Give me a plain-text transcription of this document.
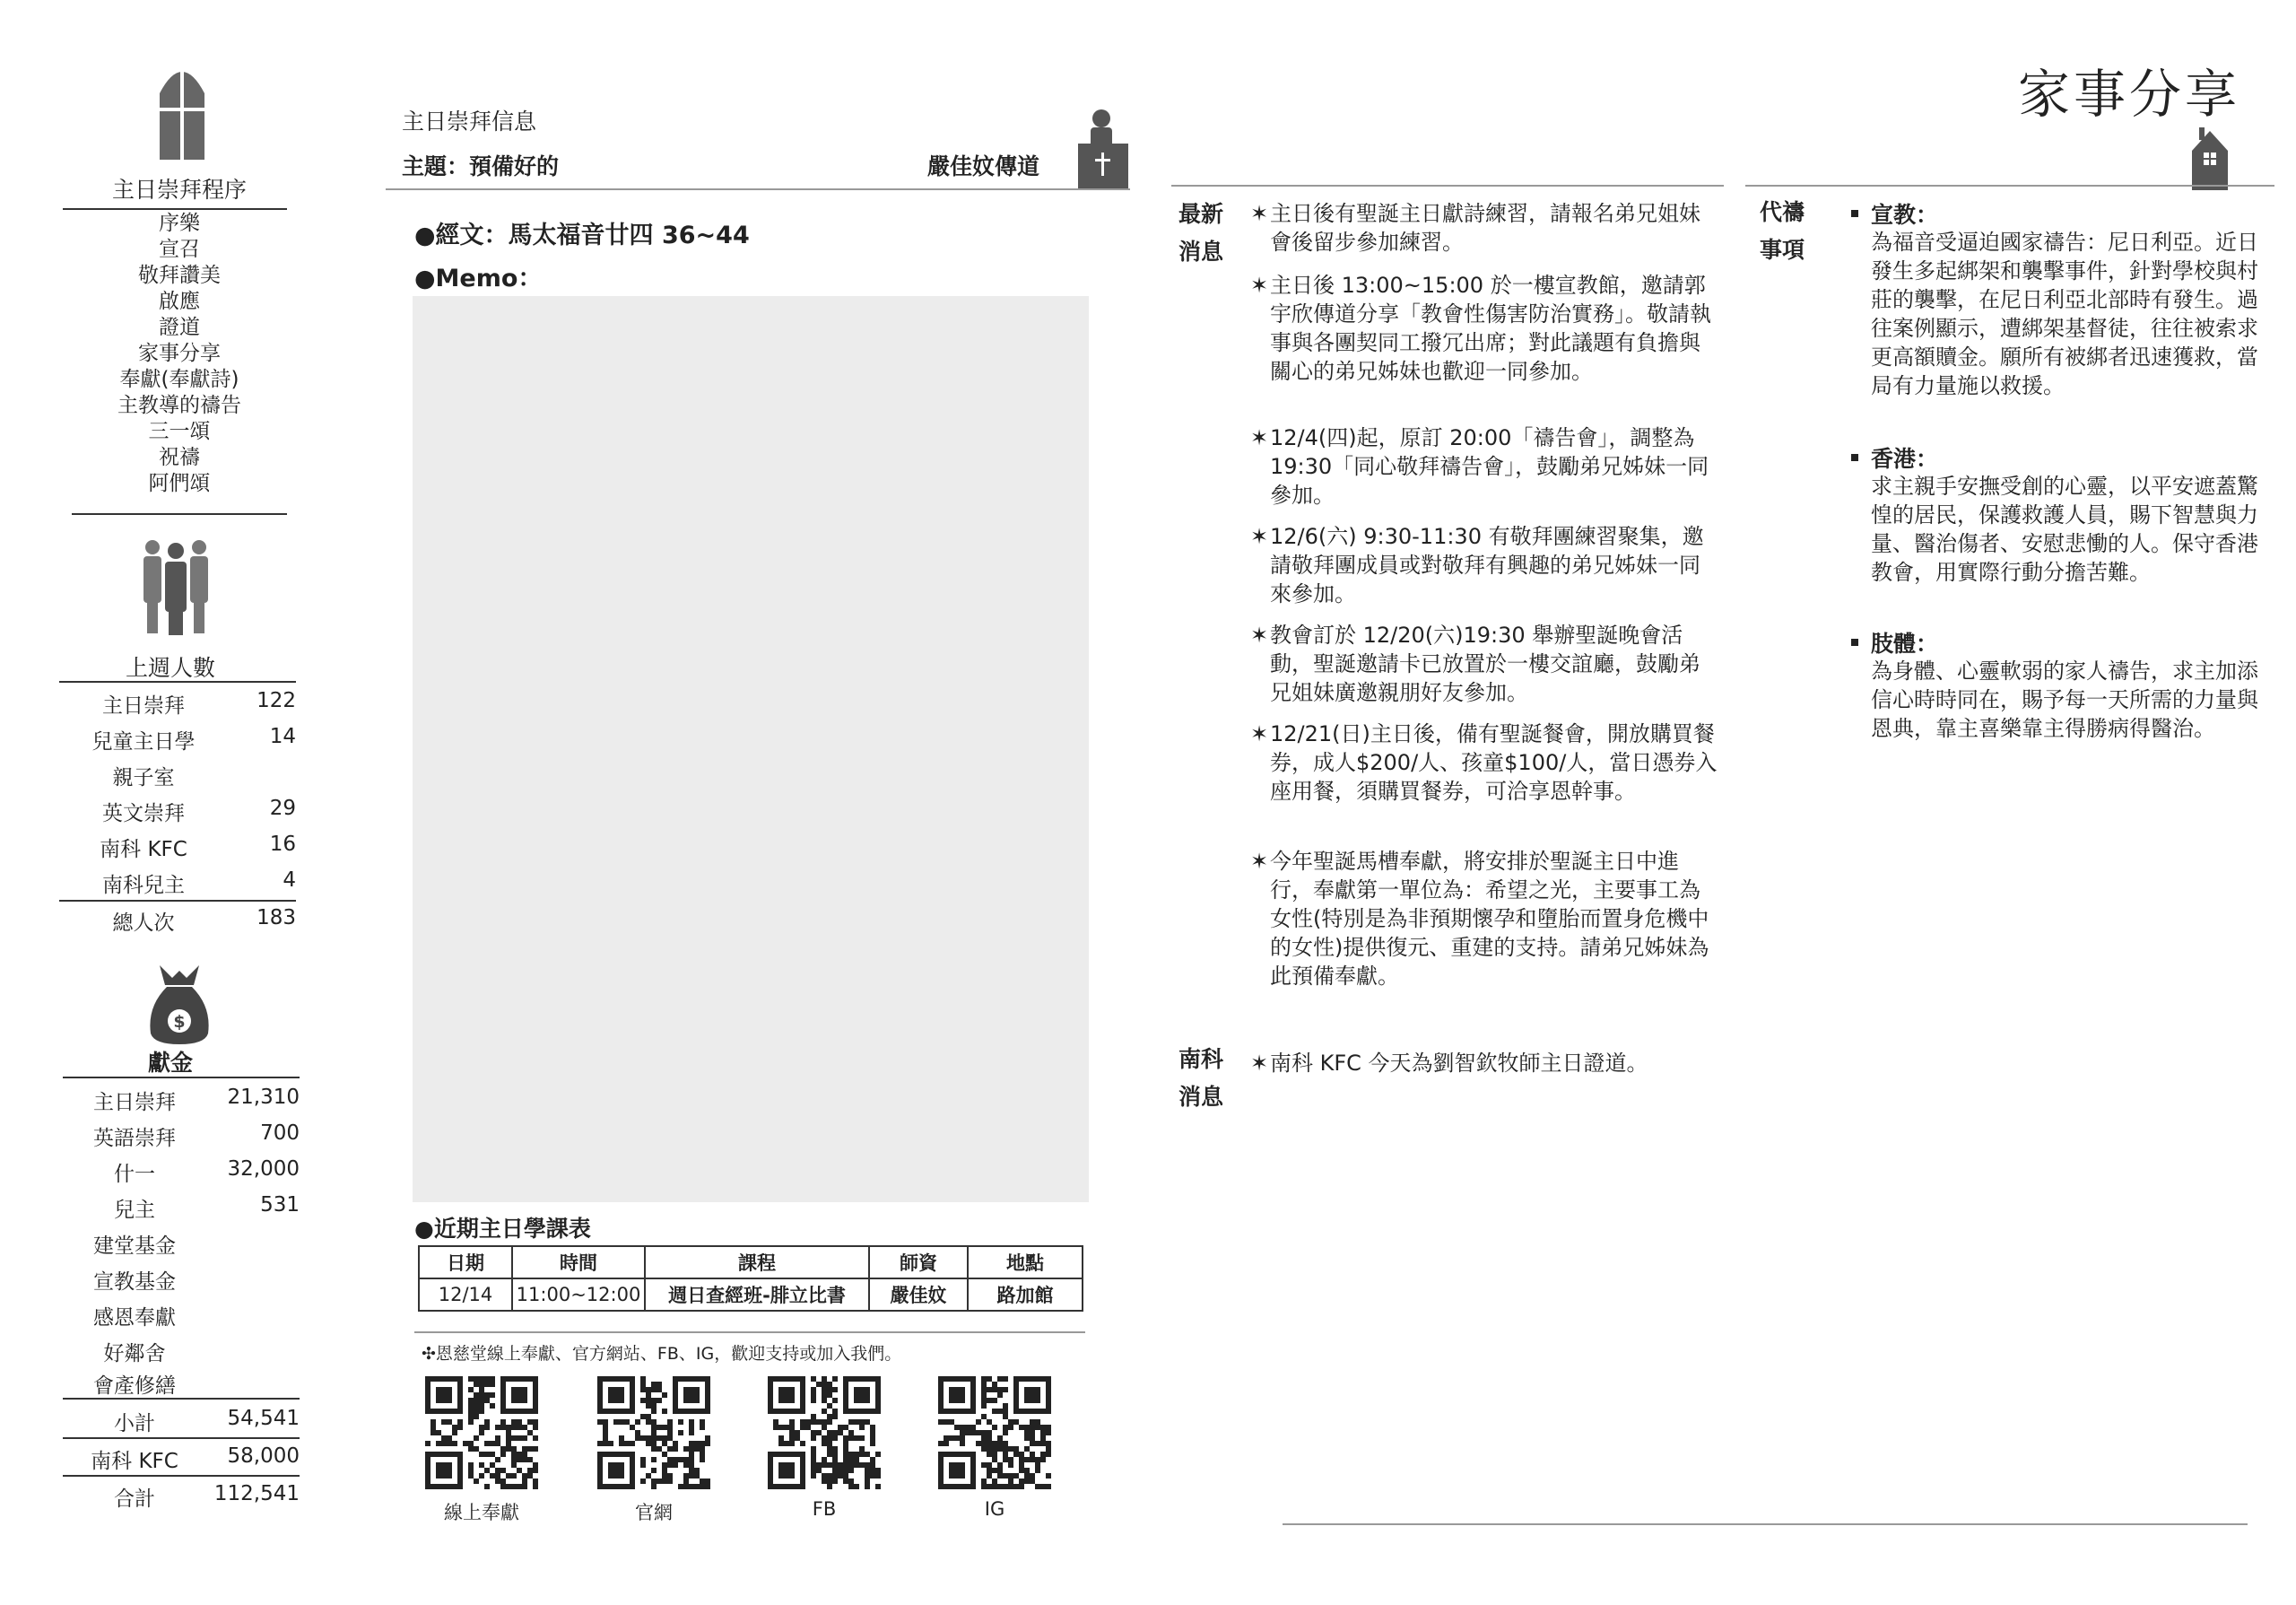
主日崇拜程序
序樂
宣召
敬拜讚美
啟應
證道
家事分享
奉獻(奉獻詩)
主教導的禱告
三一頌
祝禱
阿們頌
上週人數
主日崇拜	122
兒童主日學	14
親子室
英文崇拜	29
南科 KFC	16
南科兒主	4
總人次	183
$
獻金
主日崇拜	21,310
英語崇拜	700
什一	32,000
兒主	531
建堂基金
宣教基金
感恩奉獻
好鄰舍
會產修繕
小計	54,541
南科 KFC	58,000
合計	112,541
主日崇拜信息
主題：預備好的	嚴佳妏傳道
●經文：馬太福音廿四 36~44
●Memo：
●近期主日學課表
日期	時間	課程	師資	地點
12/14	11:00~12:00	週日查經班-腓立比書	嚴佳妏	路加館
✣恩慈堂線上奉獻、官方網站、FB、IG，歡迎支持或加入我們。
線上奉獻	官網	FB	IG
最新
消息
✶ 主日後有聖誕主日獻詩練習，請報名弟兄姐妹會後留步參加練習。
✶ 主日後 13:00~15:00 於一樓宣教館，邀請郭宇欣傳道分享「教會性傷害防治實務」。敬請執事與各團契同工撥冗出席；對此議題有負擔與關心的弟兄姊妹也歡迎一同參加。
✶ 12/4(四)起，原訂 20:00「禱告會」，調整為 19:30「同心敬拜禱告會」，鼓勵弟兄姊妹一同參加。
✶ 12/6(六) 9:30-11:30 有敬拜團練習聚集，邀請敬拜團成員或對敬拜有興趣的弟兄姊妹一同來參加。
✶ 教會訂於 12/20(六)19:30 舉辦聖誕晚會活動，聖誕邀請卡已放置於一樓交誼廳，鼓勵弟兄姐妹廣邀親朋好友參加。
✶ 12/21(日)主日後，備有聖誕餐會，開放購買餐券，成人$200/人、孩童$100/人，當日憑券入座用餐，須購買餐券，可洽享恩幹事。
✶ 今年聖誕馬槽奉獻，將安排於聖誕主日中進行，奉獻第一單位為：希望之光，主要事工為女性(特別是為非預期懷孕和墮胎而置身危機中的女性)提供復元、重建的支持。請弟兄姊妹為此預備奉獻。
南科
消息
✶ 南科 KFC 今天為劉智欽牧師主日證道。
家事分享
代禱
事項
宣教：
為福音受逼迫國家禱告：尼日利亞。近日發生多起綁架和襲擊事件，針對學校與村莊的襲擊，在尼日利亞北部時有發生。過往案例顯示，遭綁架基督徒，往往被索求更高額贖金。願所有被綁者迅速獲救，當局有力量施以救援。
香港：
求主親手安撫受創的心靈，以平安遮蓋驚惶的居民，保護救護人員，賜下智慧與力量、醫治傷者、安慰悲慟的人。保守香港教會，用實際行動分擔苦難。
肢體：
為身體、心靈軟弱的家人禱告，求主加添信心時時同在，賜予每一天所需的力量與恩典，靠主喜樂靠主得勝病得醫治。
